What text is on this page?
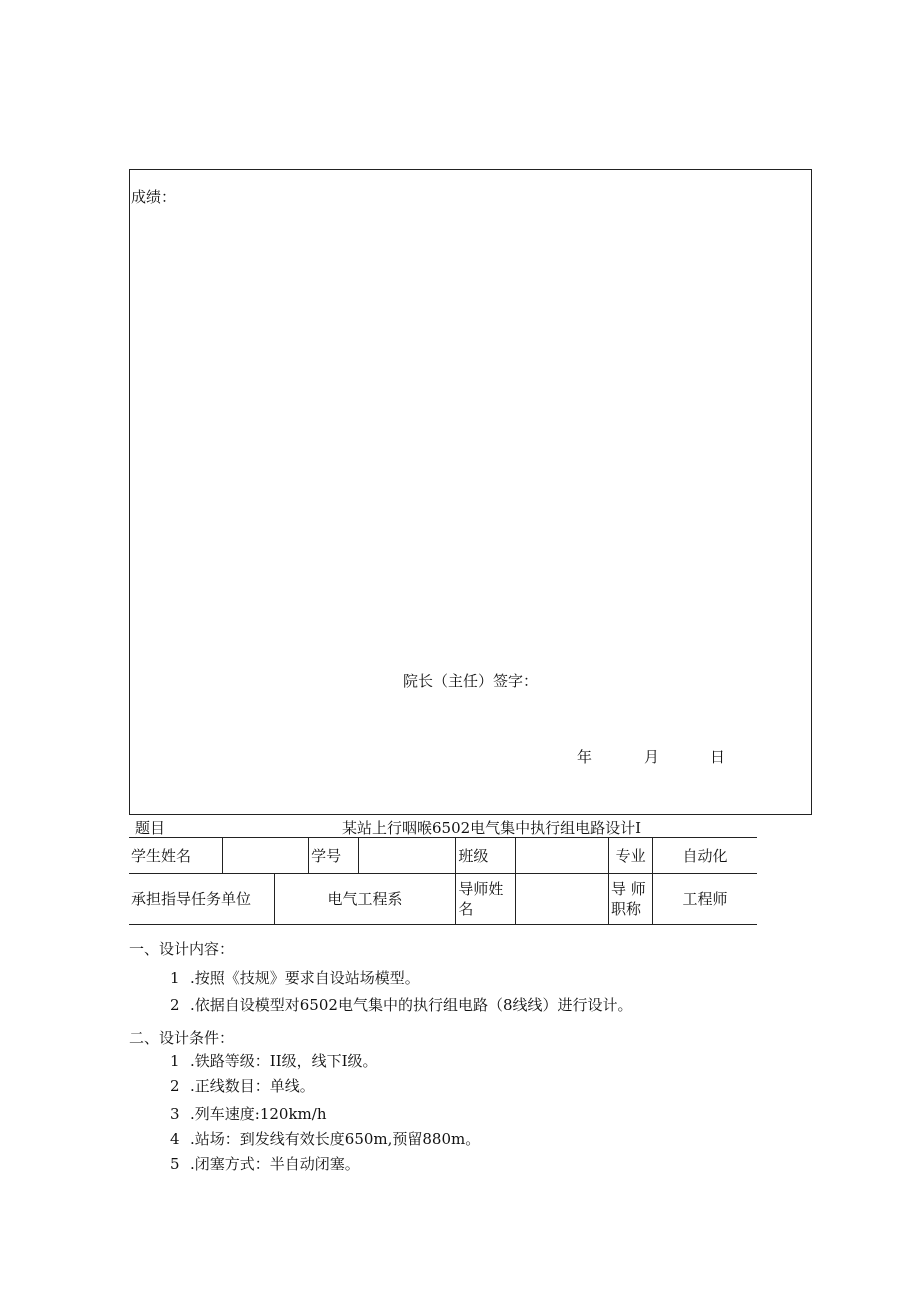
成绩：
院长（主任）签字：
年	月	日
题目	某站上行咽喉6502电气集中执行组电路设计I
学生姓名			学号		班级		专业	自动化
承担指导任务单位		电气工程系			导师姓名		导 师 职称	工程师
一、设计内容：
1 .按照《技规》要求自设站场模型。
2 .依据自设模型对6502电气集中的执行组电路（8线线）进行设计。
二、设计条件：
1 .铁路等级：II级，线下I级。
2 .正线数目：单线。
3 .列车速度:120km/h
4 .站场：到发线有效长度650m,预留880m。
5 .闭塞方式：半自动闭塞。
